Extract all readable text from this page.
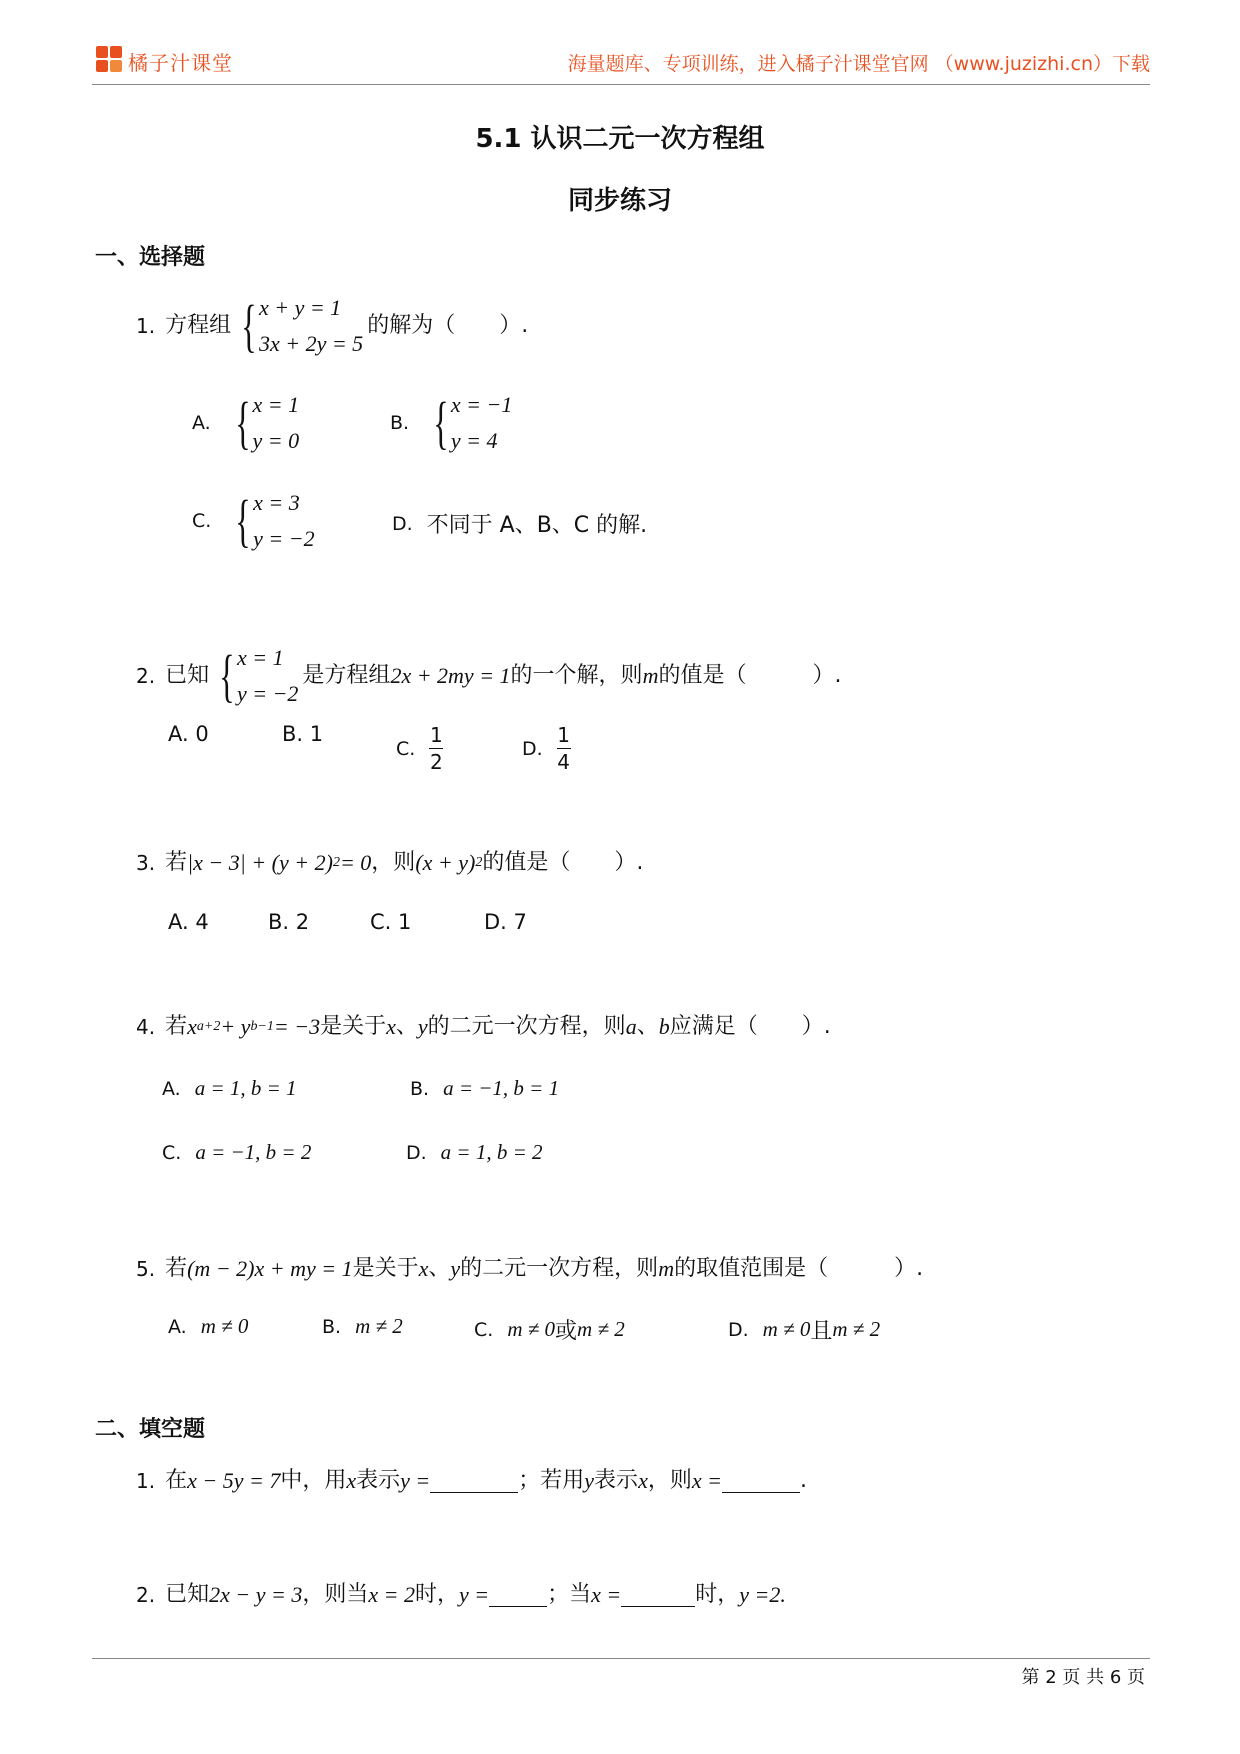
橘子汁课堂	海量题库、专项训练，进入橘子汁课堂官网 （www.juzizhi.cn）下载
5.1 认识二元一次方程组
同步练习
一、选择题
1. 方程组 { x + y = 1
3x + 2y = 5
的解为（　　）.
A. { x = 1
y = 0
B. { x = −1
y = 4
C. { x = 3
y = −2
D. 不同于 A、B、C 的解.
2. 已知 { x = 1
y = −2
是方程组 2x + 2my = 1 的一个解，则 m 的值是（　　　）.
A. 0	B. 1
C. $\frac{1}{2}$	D. $\frac{1}{4}$
3. 若 |x − 3| + (y + 2) 2 = 0 ，则 (x + y) 2 的值是（　　）.
A. 4	B. 2	C. 1	D. 7
4. 若 x a+2 + y b−1 = −3 是关于 x 、 y 的二元一次方程，则 a 、 b 应满足（　　）.
A. a = 1, b = 1	B. a = −1, b = 1
C. a = −1, b = 2	D. a = 1, b = 2
5. 若 (m − 2)x + my = 1 是关于 x 、 y 的二元一次方程，则 m 的取值范围是（　　　）.
A. m ≠ 0	B. m ≠ 2	C. m ≠ 0 或 m ≠ 2	D. m ≠ 0 且 m ≠ 2
二、填空题
1. 在 x − 5y = 7 中，用 x 表示 y =	；若用 y 表示 x ，则 x =	.
2. 已知 2x − y = 3 ，则当 x = 2 时， y =	；当 x =	时， y =2.
第 2 页 共 6 页
